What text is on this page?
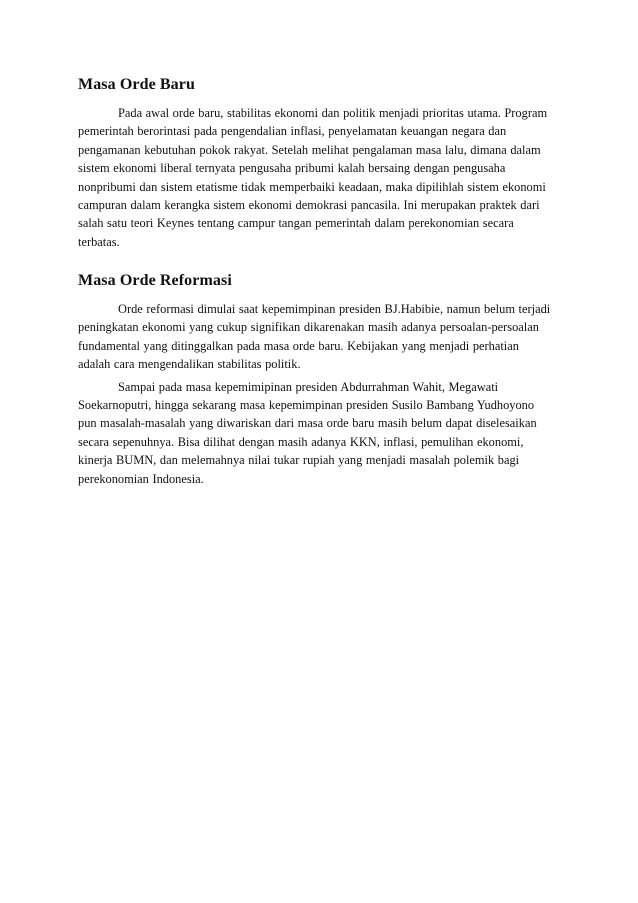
Masa Orde Baru

Pada awal orde baru, stabilitas ekonomi dan politik menjadi prioritas utama. Program
pemerintah berorintasi pada pengendalian inflasi, penyelamatan keuangan negara dan
pengamanan kebutuhan pokok rakyat. Setelah melihat pengalaman masa lalu, dimana dalam
sistem ekonomi liberal ternyata pengusaha pribumi kalah bersaing dengan pengusaha
nonpribumi dan sistem etatisme tidak memperbaiki keadaan, maka dipilihlah sistem ekonomi
campuran dalam kerangka sistem ekonomi demokrasi pancasila. Ini merupakan praktek dari
salah satu teori Keynes tentang campur tangan pemerintah dalam perekonomian secara
terbatas.

Masa Orde Reformasi

Orde reformasi dimulai saat kepemimpinan presiden BJ.Habibie, namun belum terjadi
peningkatan ekonomi yang cukup signifikan dikarenakan masih adanya persoalan-persoalan
fundamental yang ditinggalkan pada masa orde baru. Kebijakan yang menjadi perhatian
adalah cara mengendalikan stabilitas politik.

Sampai pada masa kepemimipinan presiden Abdurrahman Wahit, Megawati
Soekarnoputri, hingga sekarang masa kepemimpinan presiden Susilo Bambang Yudhoyono
pun masalah-masalah yang diwariskan dari masa orde baru masih belum dapat diselesaikan
secara sepenuhnya. Bisa dilihat dengan masih adanya KKN, inflasi, pemulihan ekonomi,
kinerja BUMN, dan melemahnya nilai tukar rupiah yang menjadi masalah polemik bagi
perekonomian Indonesia.
